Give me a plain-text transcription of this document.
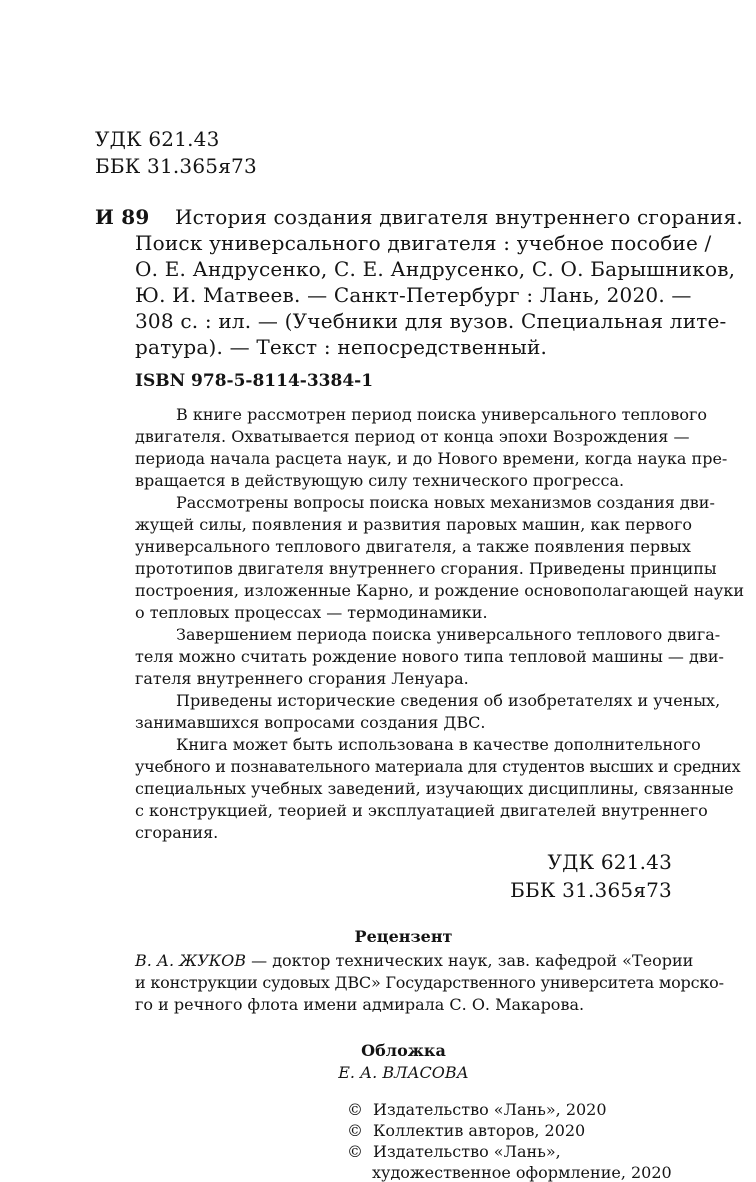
УДК 621.43
ББК 31.365я73
И 89 История создания двигателя внутреннего сгорания.
Поиск универсального двигателя : учебное пособие /
О. Е. Андрусенко, С. Е. Андрусенко, С. О. Барышников,
Ю. И. Матвеев. — Санкт-Петербург : Лань, 2020. —
308 с. : ил. — (Учебники для вузов. Специальная лите-
ратура). — Текст : непосредственный.
ISBN 978-5-8114-3384-1
В книге рассмотрен период поиска универсального теплового
двигателя. Охватывается период от конца эпохи Возрождения —
периода начала расцета наук, и до Нового времени, когда наука пре-
вращается в действующую силу технического прогресса.
Рассмотрены вопросы поиска новых механизмов создания дви-
жущей силы, появления и развития паровых машин, как первого
универсального теплового двигателя, а также появления первых
прототипов двигателя внутреннего сгорания. Приведены принципы
построения, изложенные Карно, и рождение основополагающей науки
о тепловых процессах — термодинамики.
Завершением периода поиска универсального теплового двига-
теля можно считать рождение нового типа тепловой машины — дви-
гателя внутреннего сгорания Ленуара.
Приведены исторические сведения об изобретателях и ученых,
занимавшихся вопросами создания ДВС.
Книга может быть использована в качестве дополнительного
учебного и познавательного материала для студентов высших и средних
специальных учебных заведений, изучающих дисциплины, связанные
с конструкцией, теорией и эксплуатацией двигателей внутреннего
сгорания.
УДК 621.43
ББК 31.365я73
Рецензент
В. А. ЖУКОВ — доктор технических наук, зав. кафедрой «Теории
и конструкции судовых ДВС» Государственного университета морско-
го и речного флота имени адмирала С. О. Макарова.
Обложка
Е. А. ВЛАСОВА
© Издательство «Лань», 2020
© Коллектив авторов, 2020
© Издательство «Лань»,
художественное оформление, 2020
